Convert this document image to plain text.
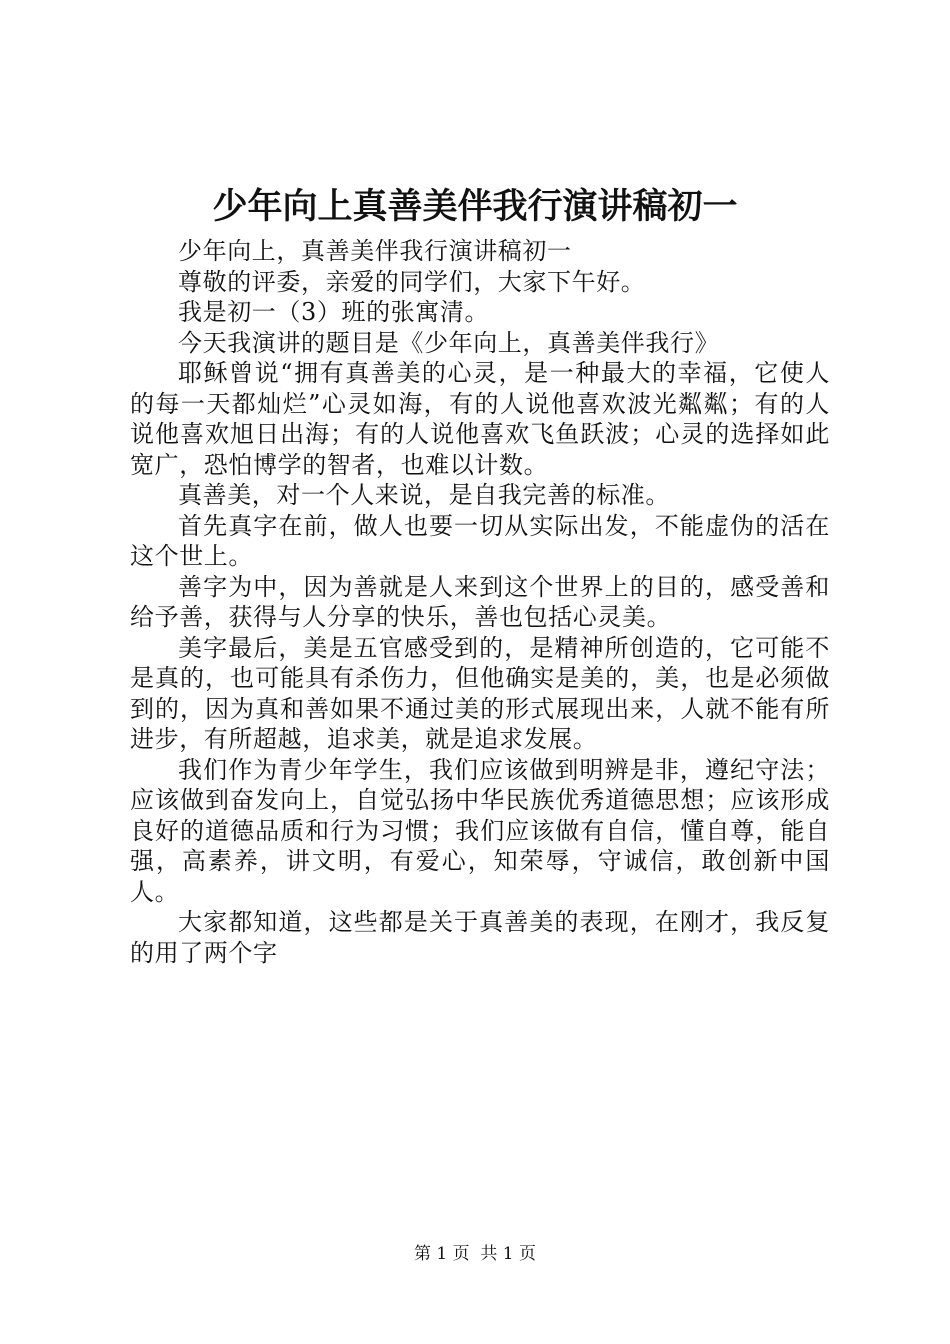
少年向上真善美伴我行演讲稿初一

少年向上，真善美伴我行演讲稿初一

尊敬的评委，亲爱的同学们，大家下午好。

我是初一（3）班的张寓清。

今天我演讲的题目是《少年向上，真善美伴我行》

耶稣曾说“拥有真善美的心灵，是一种最大的幸福，它使人的每一天都灿烂”心灵如海，有的人说他喜欢波光粼粼；有的人说他喜欢旭日出海；有的人说他喜欢飞鱼跃波；心灵的选择如此宽广，恐怕博学的智者，也难以计数。

真善美，对一个人来说，是自我完善的标准。

首先真字在前，做人也要一切从实际出发，不能虚伪的活在这个世上。

善字为中，因为善就是人来到这个世界上的目的，感受善和给予善，获得与人分享的快乐，善也包括心灵美。

美字最后，美是五官感受到的，是精神所创造的，它可能不是真的，也可能具有杀伤力，但他确实是美的，美，也是必须做到的，因为真和善如果不通过美的形式展现出来，人就不能有所进步，有所超越，追求美，就是追求发展。

我们作为青少年学生，我们应该做到明辨是非，遵纪守法；应该做到奋发向上，自觉弘扬中华民族优秀道德思想；应该形成良好的道德品质和行为习惯；我们应该做有自信，懂自尊，能自强，高素养，讲文明，有爱心，知荣辱，守诚信，敢创新中国人。

大家都知道，这些都是关于真善美的表现，在刚才，我反复的用了两个字

第 1 页  共 1 页
